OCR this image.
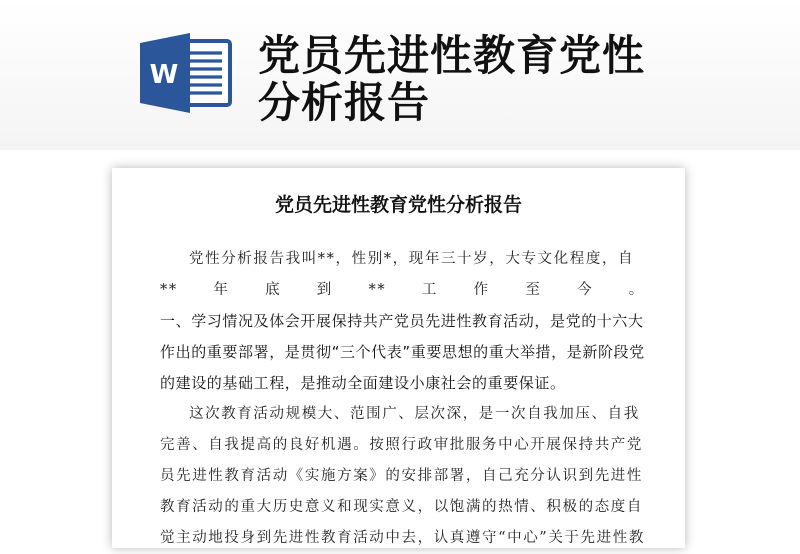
W 党员先进性教育党性
分析报告
党员先进性教育党性分析报告

党性分析报告我叫**，性别*，现年三十岁，大专文化程度，自

** 年 底 到 ** 工 作 至 今 。

一、学习情况及体会开展保持共产党员先进性教育活动，是党的十六大作出的重要部署，是贯彻“三个代表”重要思想的重大举措，是新阶段党的建设的基础工程，是推动全面建设小康社会的重要保证。

这次教育活动规模大、范围广、层次深，是一次自我加压、自我完善、自我提高的良好机遇。按照行政审批服务中心开展保持共产党员先进性教育活动《实施方案》的安排部署，自己充分认识到先进性教育活动的重大历史意义和现实意义，以饱满的热情、积极的态度自觉主动地投身到先进性教育活动中去，认真遵守“中心”关于先进性教
